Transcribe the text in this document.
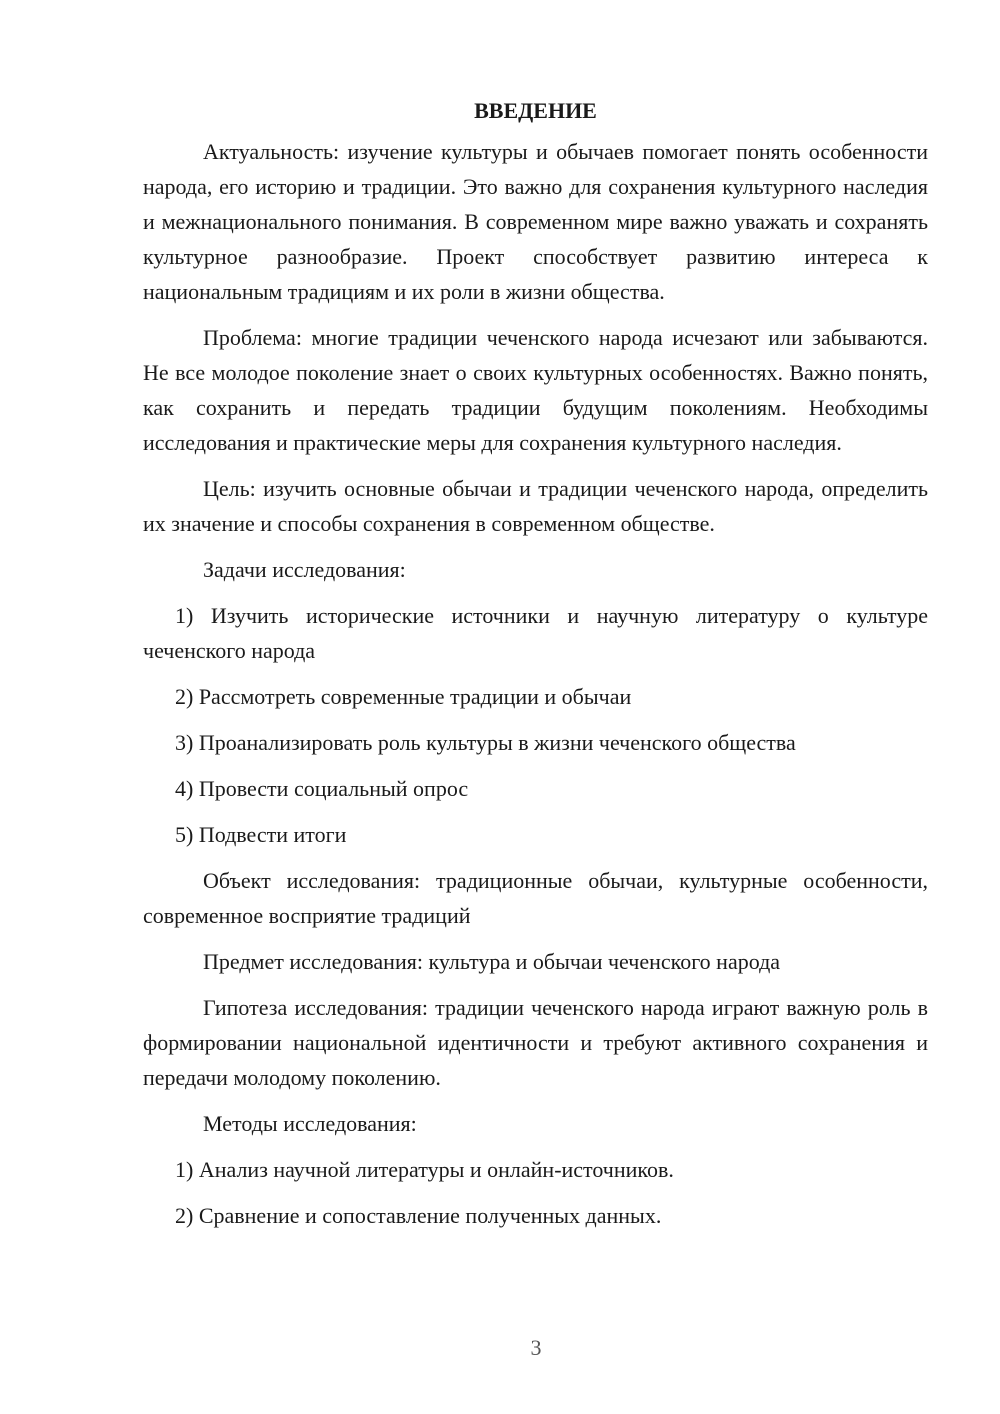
ВВЕДЕНИЕ

Актуальность: изучение культуры и обычаев помогает понять особенности народа, его историю и традиции. Это важно для сохранения культурного наследия и межнационального понимания. В современном мире важно уважать и сохранять культурное разнообразие. Проект способствует развитию интереса к национальным традициям и их роли в жизни общества.

Проблема: многие традиции чеченского народа исчезают или забываются. Не все молодое поколение знает о своих культурных особенностях. Важно понять, как сохранить и передать традиции будущим поколениям. Необходимы исследования и практические меры для сохранения культурного наследия.

Цель: изучить основные обычаи и традиции чеченского народа, определить их значение и способы сохранения в современном обществе.

Задачи исследования:

1) Изучить исторические источники и научную литературу о культуре чеченского народа

2) Рассмотреть современные традиции и обычаи

3) Проанализировать роль культуры в жизни чеченского общества

4) Провести социальный опрос

5) Подвести итоги

Объект исследования: традиционные обычаи, культурные особенности, современное восприятие традиций

Предмет исследования: культура и обычаи чеченского народа

Гипотеза исследования: традиции чеченского народа играют важную роль в формировании национальной идентичности и требуют активного сохранения и передачи молодому поколению.

Методы исследования:

1) Анализ научной литературы и онлайн-источников.

2) Сравнение и сопоставление полученных данных.

3
